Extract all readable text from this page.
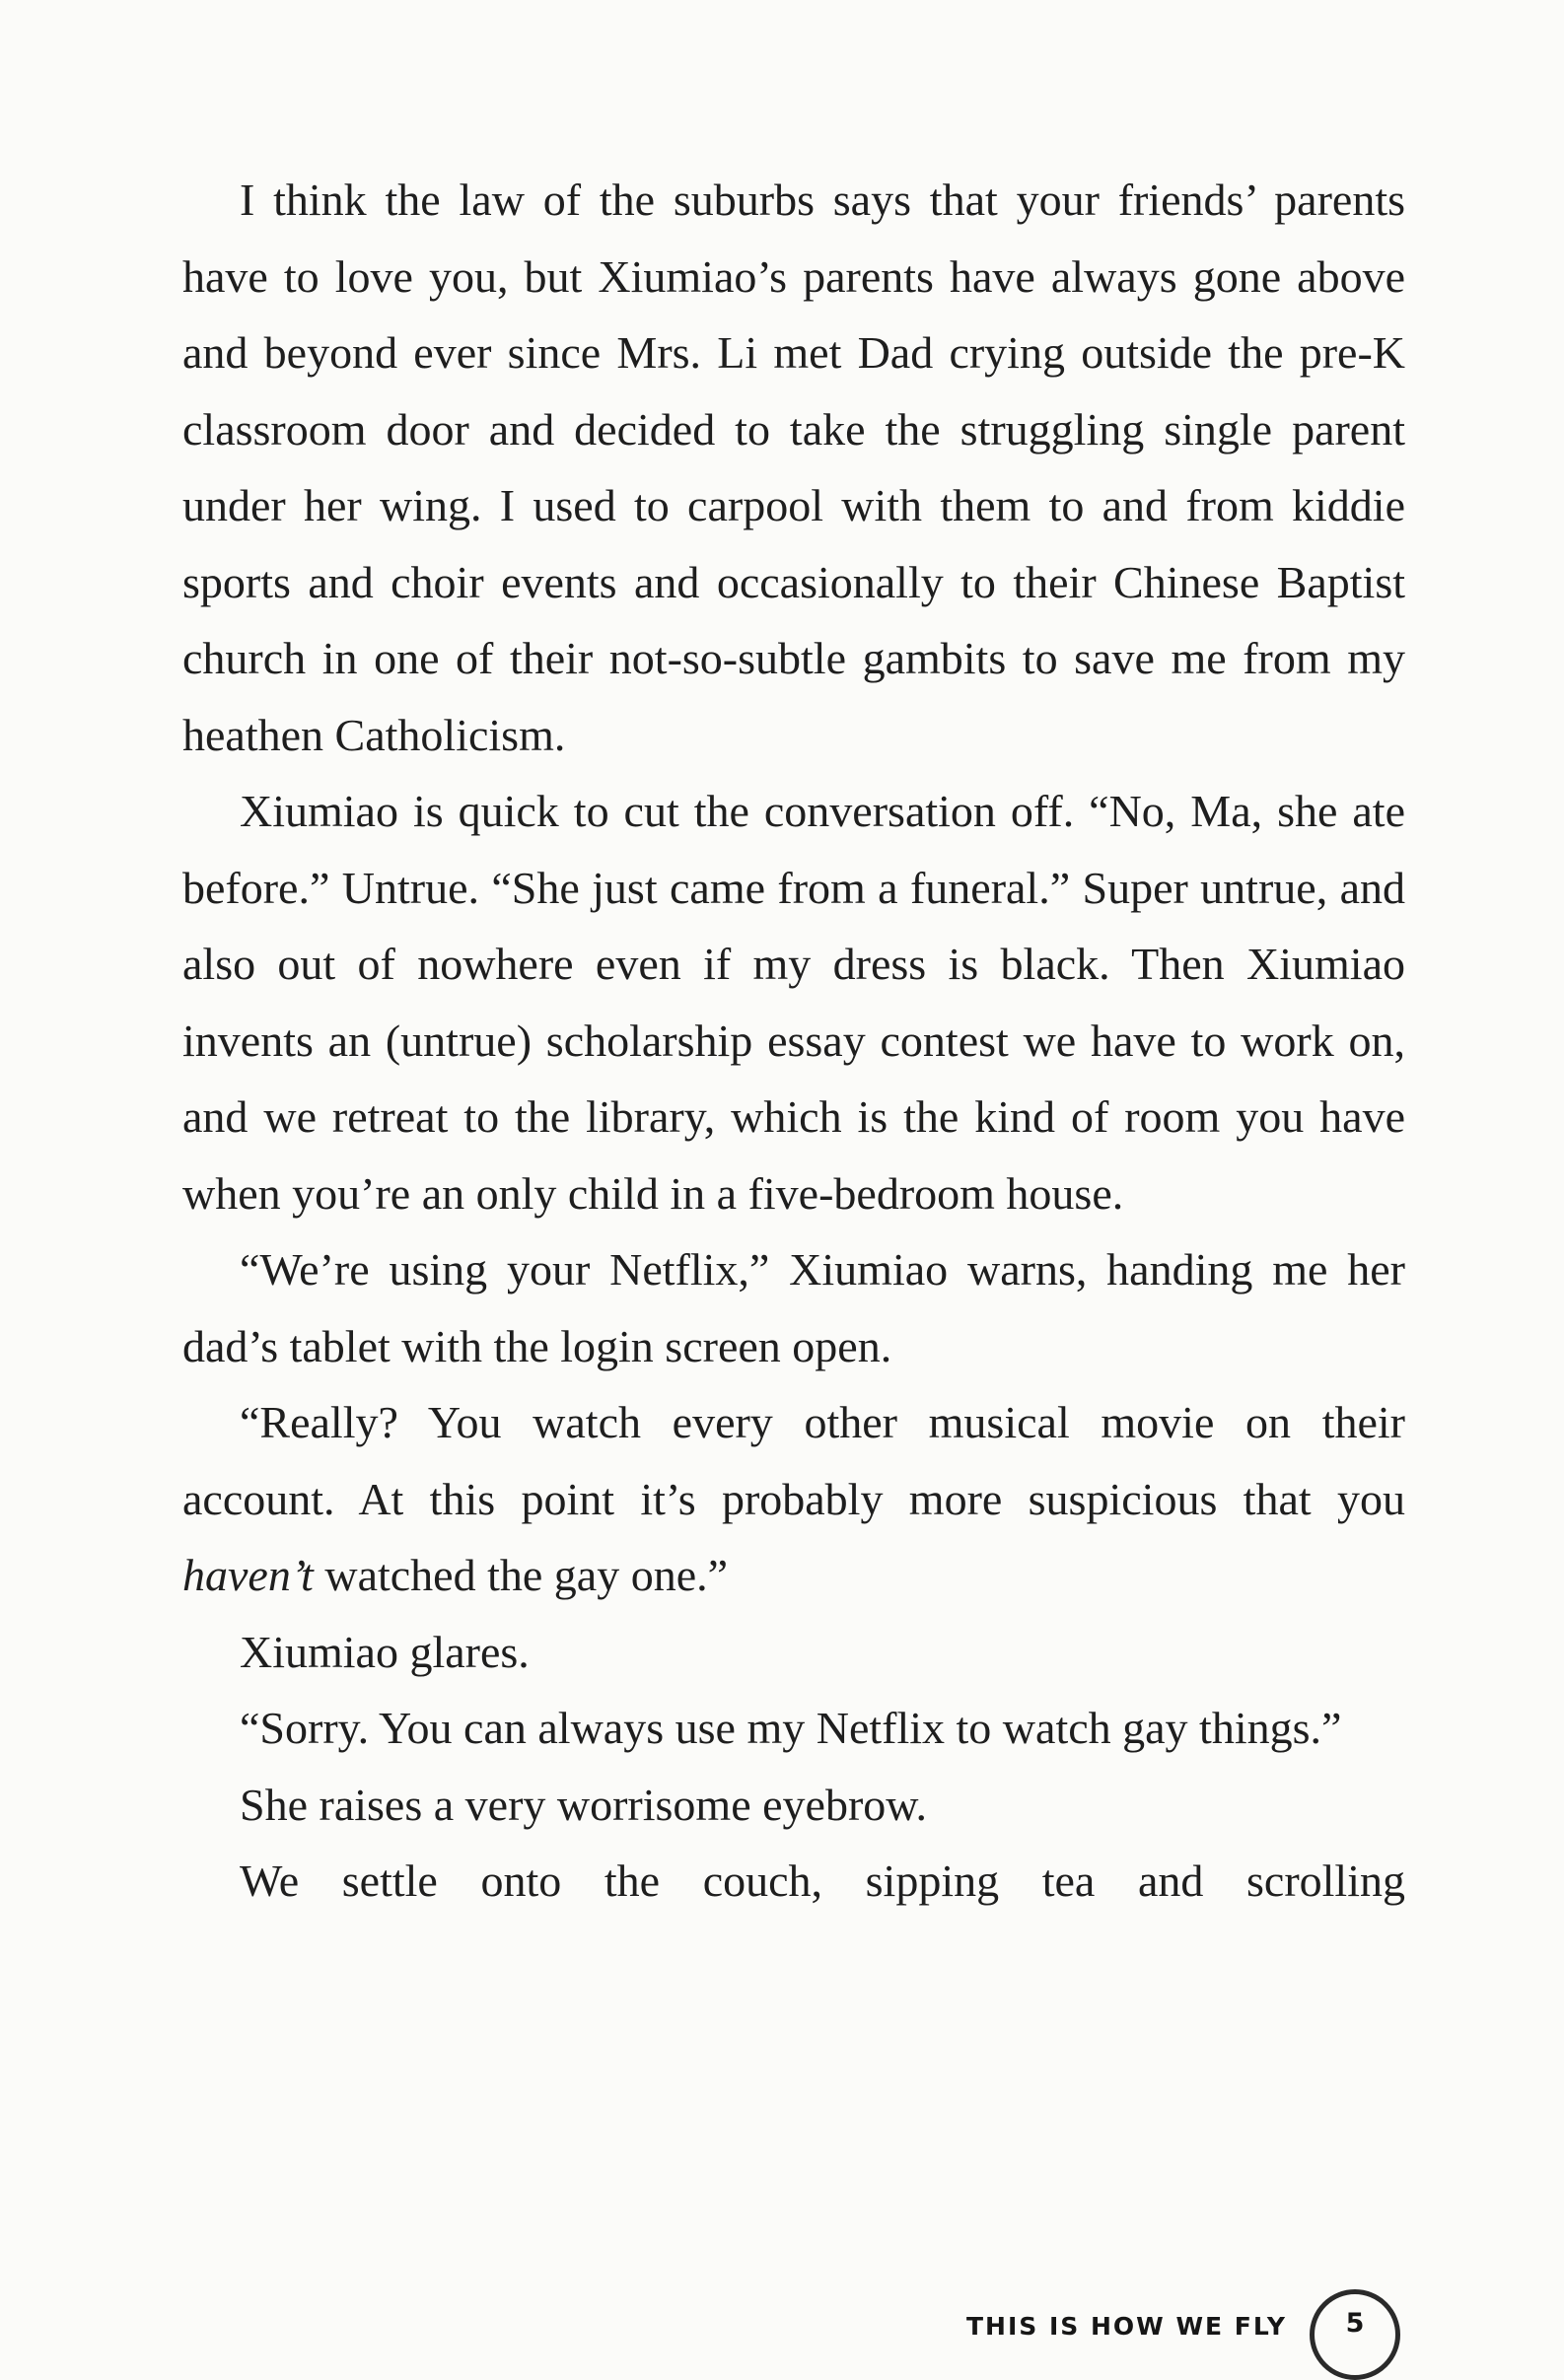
I think the law of the suburbs says that your friends’ parents have to love you, but Xiumiao’s parents have always gone above and beyond ever since Mrs. Li met Dad crying outside the pre-K classroom door and decided to take the struggling single parent under her wing. I used to carpool with them to and from kiddie sports and choir events and occasionally to their Chinese Baptist church in one of their not-so-subtle gambits to save me from my heathen Catholicism.

Xiumiao is quick to cut the conversation off. “No, Ma, she ate before.” Untrue. “She just came from a funeral.” Super untrue, and also out of nowhere even if my dress is black. Then Xiumiao invents an (untrue) scholarship essay contest we have to work on, and we retreat to the library, which is the kind of room you have when you’re an only child in a five-bedroom house.

“We’re using your Netflix,” Xiumiao warns, handing me her dad’s tablet with the login screen open.

“Really? You watch every other musical movie on their account. At this point it’s probably more suspicious that you haven’t watched the gay one.”

Xiumiao glares.

“Sorry. You can always use my Netflix to watch gay things.”

She raises a very worrisome eyebrow.

We settle onto the couch, sipping tea and scrolling

THIS IS HOW WE FLY	5
